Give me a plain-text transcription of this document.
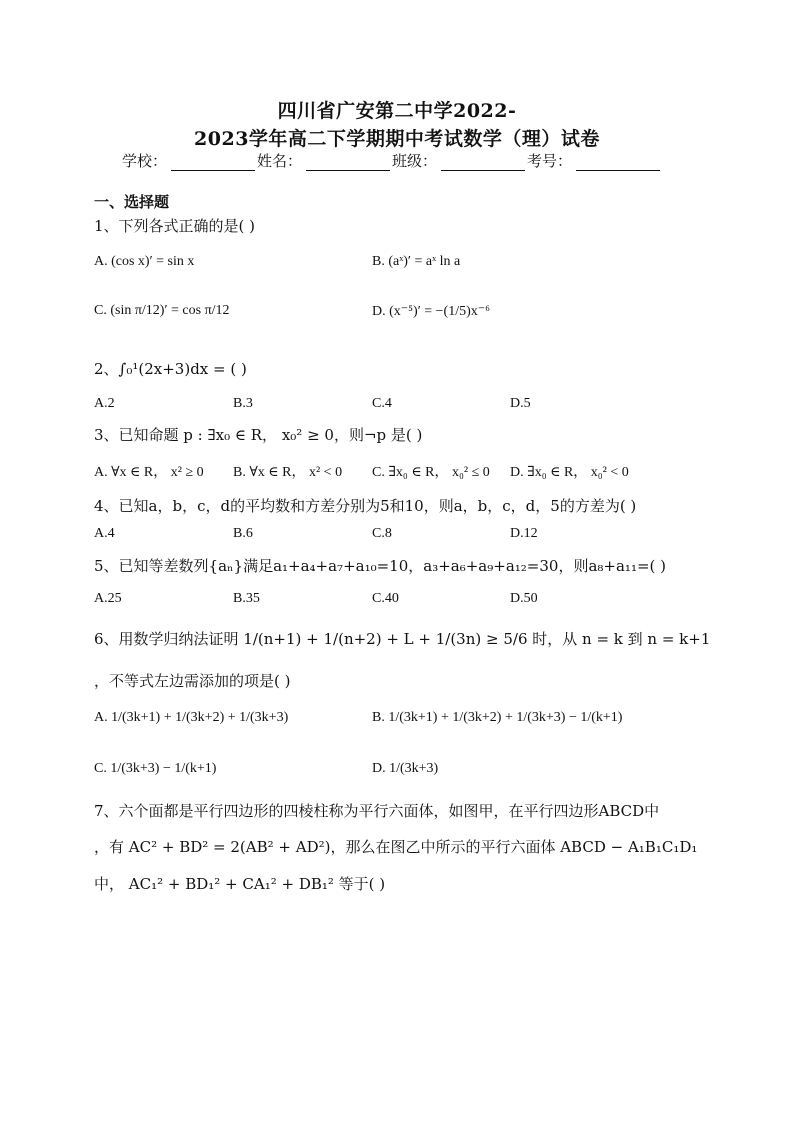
四川省广安第二中学2022-
2023学年高二下学期期中考试数学（理）试卷
学校：	姓名：	班级：	考号：
一、选择题
1、下列各式正确的是( )
A. (cos x)′ = sin x	B. (aˣ)′ = aˣ ln a
C. (sin π/12)′ = cos π/12	D. (x⁻⁵)′ = −(1/5)x⁻⁶
2、∫₀¹(2x+3)dx = ( )
A.2	B.3	C.4	D.5
3、已知命题 p : ∃x₀ ∈ R， x₀² ≥ 0，则¬p 是( )
A. ∀x ∈ R， x² ≥ 0 B. ∀x ∈ R， x² < 0 C. ∃x₀ ∈ R， x₀² ≤ 0 D. ∃x₀ ∈ R， x₀² < 0
4、已知a，b，c，d的平均数和方差分别为5和10，则a，b，c，d，5的方差为( )
A.4	B.6	C.8	D.12
5、已知等差数列{aₙ}满足a₁+a₄+a₇+a₁₀=10，a₃+a₆+a₉+a₁₂=30，则a₈+a₁₁=( )
A.25	B.35	C.40	D.50
6、用数学归纳法证明 1/(n+1) + 1/(n+2) + L + 1/(3n) ≥ 5/6 时，从 n = k 到 n = k+1
，不等式左边需添加的项是( )
A. 1/(3k+1) + 1/(3k+2) + 1/(3k+3)	B. 1/(3k+1) + 1/(3k+2) + 1/(3k+3) − 1/(k+1)
C. 1/(3k+3) − 1/(k+1)	D. 1/(3k+3)
7、六个面都是平行四边形的四棱柱称为平行六面体，如图甲，在平行四边形ABCD中
，有 AC² + BD² = 2(AB² + AD²)，那么在图乙中所示的平行六面体 ABCD − A₁B₁C₁D₁
中， AC₁² + BD₁² + CA₁² + DB₁² 等于( )
